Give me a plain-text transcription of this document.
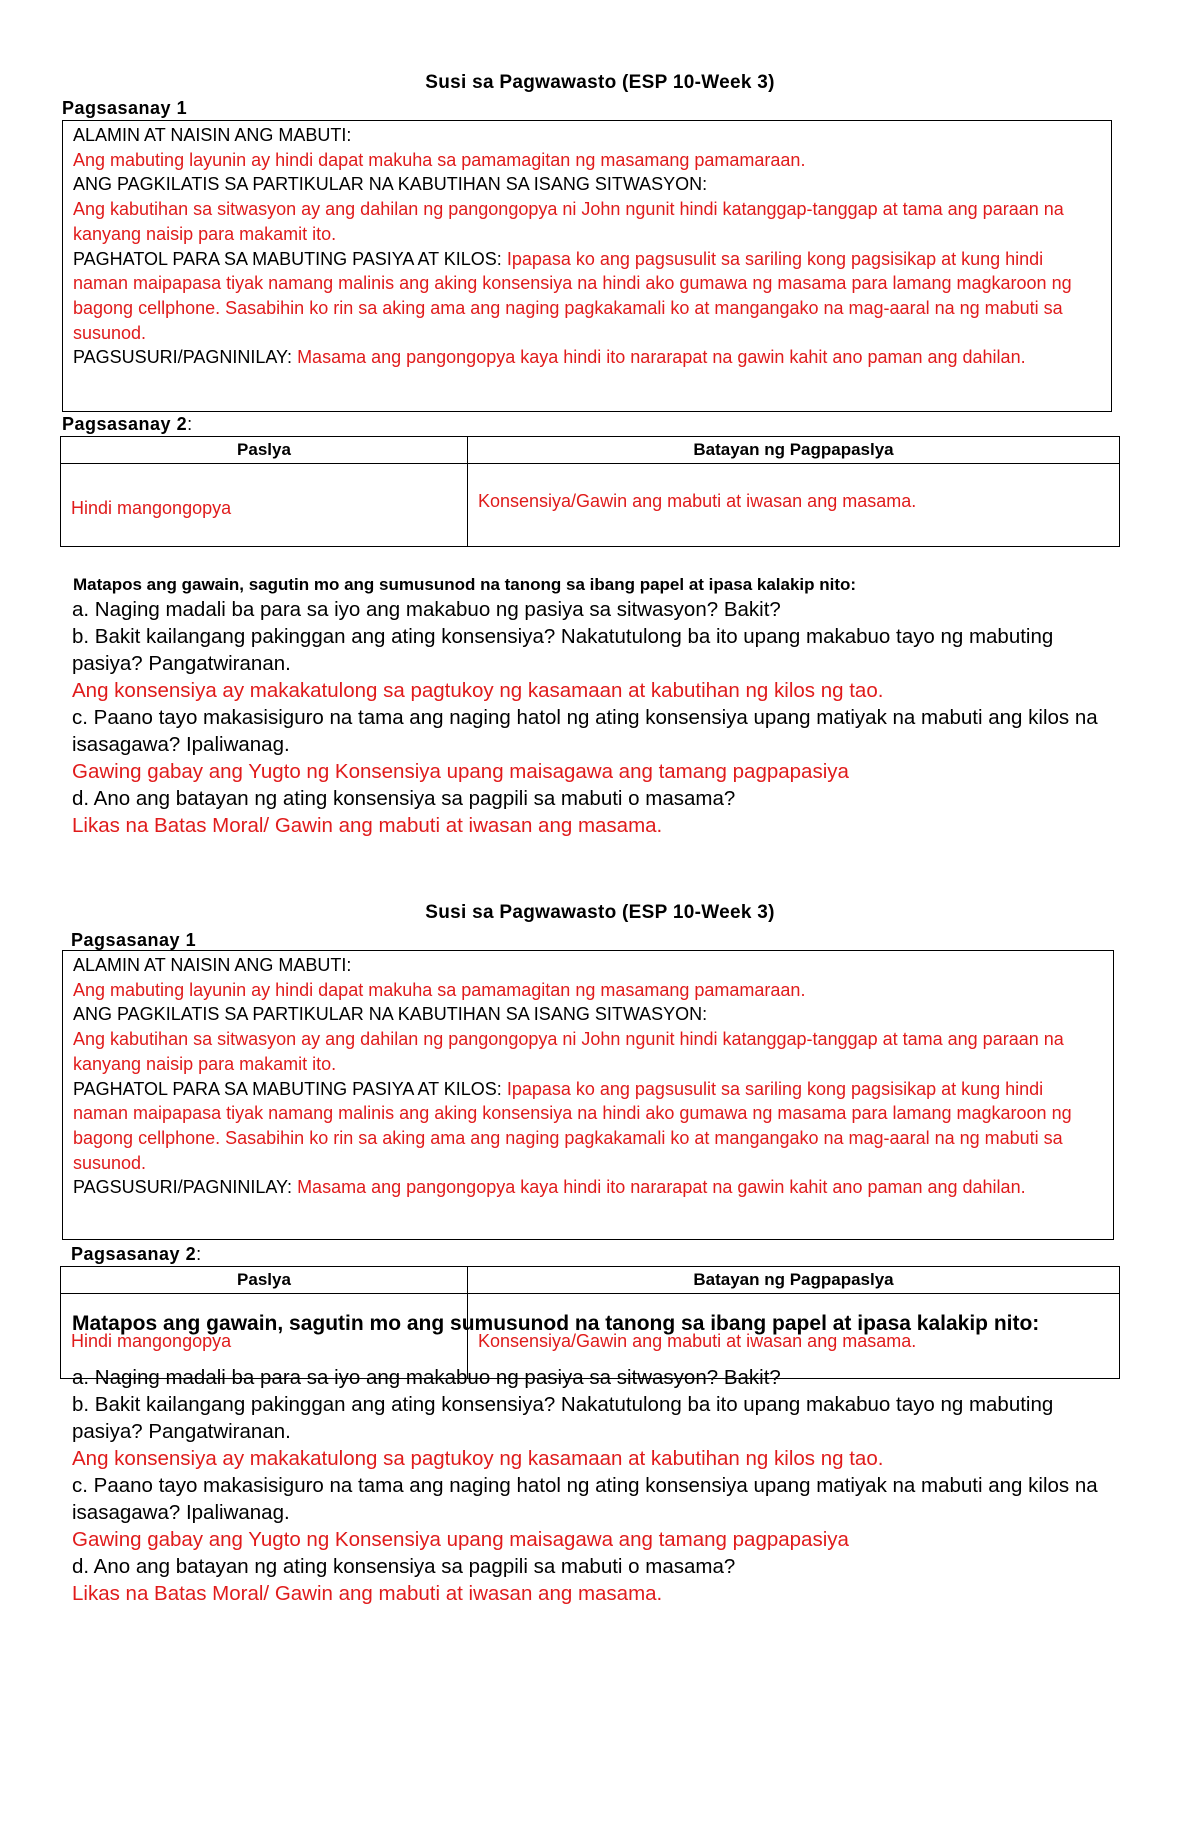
Susi sa Pagwawasto (ESP 10-Week 3)
Pagsasanay 1
ALAMIN AT NAISIN ANG MABUTI:
Ang mabuting layunin ay hindi dapat makuha sa pamamagitan ng masamang pamamaraan.
ANG PAGKILATIS SA PARTIKULAR NA KABUTIHAN SA ISANG SITWASYON:
Ang kabutihan sa sitwasyon ay ang dahilan ng pangongopya ni John ngunit hindi katanggap-tanggap at tama ang paraan na kanyang naisip para makamit ito.
PAGHATOL PARA SA MABUTING PASIYA AT KILOS: Ipapasa ko ang pagsusulit sa sariling kong pagsisikap at kung hindi naman maipapasa tiyak namang malinis ang aking konsensiya na hindi ako gumawa ng masama para lamang magkaroon ng bagong cellphone. Sasabihin ko rin sa aking ama ang naging pagkakamali ko at mangangako na mag-aaral na ng mabuti sa susunod.
PAGSUSURI/PAGNINILAY: Masama ang pangongopya kaya hindi ito nararapat na gawin kahit ano paman ang dahilan.
Pagsasanay 2:
Paslya	Batayan ng Pagpapaslya
Hindi mangongopya	Konsensiya/Gawin ang mabuti at iwasan ang masama.
Matapos ang gawain, sagutin mo ang sumusunod na tanong sa ibang papel at ipasa kalakip nito:
a. Naging madali ba para sa iyo ang makabuo ng pasiya sa sitwasyon? Bakit?
b. Bakit kailangang pakinggan ang ating konsensiya? Nakatutulong ba ito upang makabuo tayo ng mabuting pasiya? Pangatwiranan.
Ang konsensiya ay makakatulong sa pagtukoy ng kasamaan at kabutihan ng kilos ng tao.
c. Paano tayo makasisiguro na tama ang naging hatol ng ating konsensiya upang matiyak na mabuti ang kilos na isasagawa? Ipaliwanag.
Gawing gabay ang Yugto ng Konsensiya upang maisagawa ang tamang pagpapasiya
d. Ano ang batayan ng ating konsensiya sa pagpili sa mabuti o masama?
Likas na Batas Moral/ Gawin ang mabuti at iwasan ang masama.
Susi sa Pagwawasto (ESP 10-Week 3)
Pagsasanay 1
ALAMIN AT NAISIN ANG MABUTI:
Ang mabuting layunin ay hindi dapat makuha sa pamamagitan ng masamang pamamaraan.
ANG PAGKILATIS SA PARTIKULAR NA KABUTIHAN SA ISANG SITWASYON:
Ang kabutihan sa sitwasyon ay ang dahilan ng pangongopya ni John ngunit hindi katanggap-tanggap at tama ang paraan na kanyang naisip para makamit ito.
PAGHATOL PARA SA MABUTING PASIYA AT KILOS: Ipapasa ko ang pagsusulit sa sariling kong pagsisikap at kung hindi naman maipapasa tiyak namang malinis ang aking konsensiya na hindi ako gumawa ng masama para lamang magkaroon ng bagong cellphone. Sasabihin ko rin sa aking ama ang naging pagkakamali ko at mangangako na mag-aaral na ng mabuti sa susunod.
PAGSUSURI/PAGNINILAY: Masama ang pangongopya kaya hindi ito nararapat na gawin kahit ano paman ang dahilan.
Pagsasanay 2:
Paslya	Batayan ng Pagpapaslya
Hindi mangongopya	Konsensiya/Gawin ang mabuti at iwasan ang masama.
Matapos ang gawain, sagutin mo ang sumusunod na tanong sa ibang papel at ipasa kalakip nito:
a. Naging madali ba para sa iyo ang makabuo ng pasiya sa sitwasyon? Bakit?
b. Bakit kailangang pakinggan ang ating konsensiya? Nakatutulong ba ito upang makabuo tayo ng mabuting pasiya? Pangatwiranan.
Ang konsensiya ay makakatulong sa pagtukoy ng kasamaan at kabutihan ng kilos ng tao.
c. Paano tayo makasisiguro na tama ang naging hatol ng ating konsensiya upang matiyak na mabuti ang kilos na isasagawa? Ipaliwanag.
Gawing gabay ang Yugto ng Konsensiya upang maisagawa ang tamang pagpapasiya
d. Ano ang batayan ng ating konsensiya sa pagpili sa mabuti o masama?
Likas na Batas Moral/ Gawin ang mabuti at iwasan ang masama.
